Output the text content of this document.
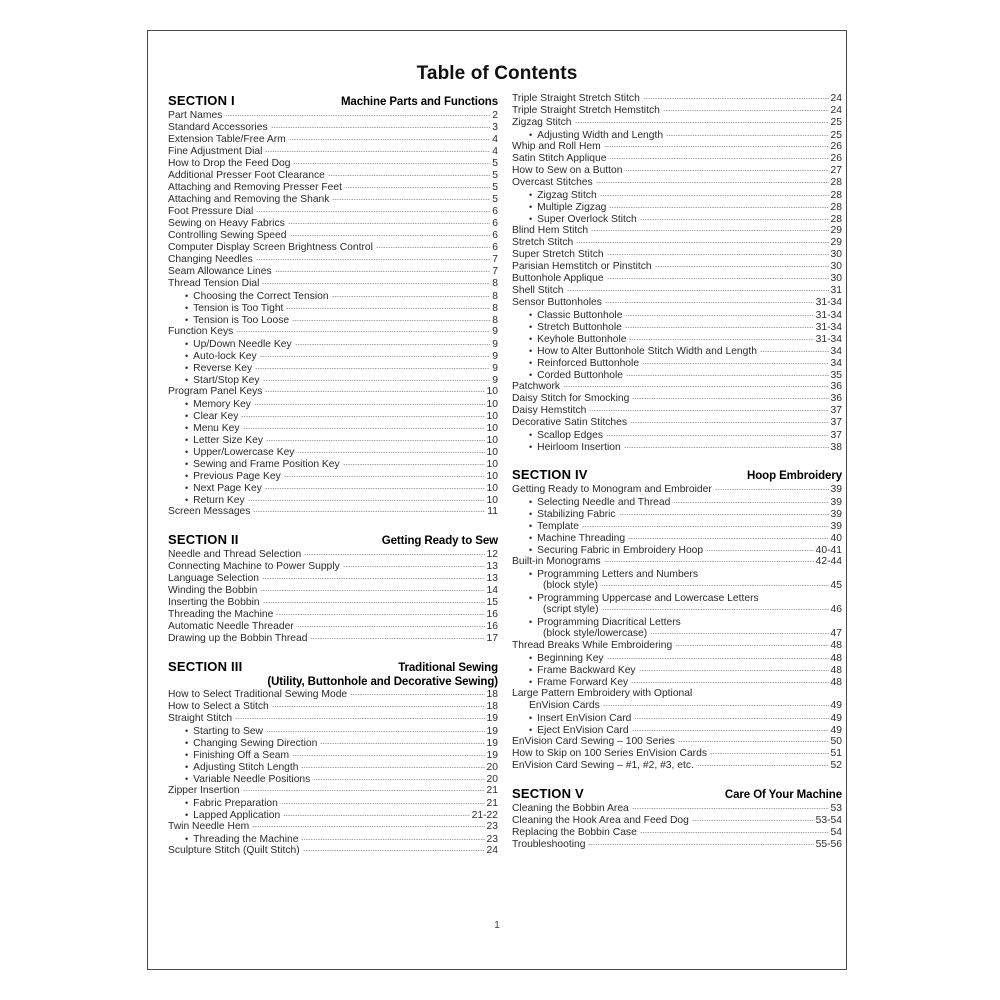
Table of Contents
SECTION I	Machine Parts and Functions
Part Names	2
Standard Accessories	3
Extension Table/Free Arm	4
Fine Adjustment Dial	4
How to Drop the Feed Dog	5
Additional Presser Foot Clearance	5
Attaching and Removing Presser Feet	5
Attaching and Removing the Shank	5
Foot Pressure Dial	6
Sewing on Heavy Fabrics	6
Controlling Sewing Speed	6
Computer Display Screen Brightness Control	6
Changing Needles	7
Seam Allowance Lines	7
Thread Tension Dial	8
• Choosing the Correct Tension	8
• Tension is Too Tight	8
• Tension is Too Loose	8
Function Keys	9
• Up/Down Needle Key	9
• Auto-lock Key	9
• Reverse Key	9
• Start/Stop Key	9
Program Panel Keys	10
• Memory Key	10
• Clear Key	10
• Menu Key	10
• Letter Size Key	10
• Upper/Lowercase Key	10
• Sewing and Frame Position Key	10
• Previous Page Key	10
• Next Page Key	10
• Return Key	10
Screen Messages	11
SECTION II	Getting Ready to Sew
Needle and Thread Selection	12
Connecting Machine to Power Supply	13
Language Selection	13
Winding the Bobbin	14
Inserting the Bobbin	15
Threading the Machine	16
Automatic Needle Threader	16
Drawing up the Bobbin Thread	17
SECTION III	Traditional Sewing
(Utility, Buttonhole and Decorative Sewing)
How to Select Traditional Sewing Mode	18
How to Select a Stitch	18
Straight Stitch	19
• Starting to Sew	19
• Changing Sewing Direction	19
• Finishing Off a Seam	19
• Adjusting Stitch Length	20
• Variable Needle Positions	20
Zipper Insertion	21
• Fabric Preparation	21
• Lapped Application	21-22
Twin Needle Hem	23
• Threading the Machine	23
Sculpture Stitch (Quilt Stitch)	24
Triple Straight Stretch Stitch	24
Triple Straight Stretch Hemstitch	24
Zigzag Stitch	25
• Adjusting Width and Length	25
Whip and Roll Hem	26
Satin Stitch Applique	26
How to Sew on a Button	27
Overcast Stitches	28
• Zigzag Stitch	28
• Multiple Zigzag	28
• Super Overlock Stitch	28
Blind Hem Stitch	29
Stretch Stitch	29
Super Stretch Stitch	30
Parisian Hemstitch or Pinstitch	30
Buttonhole Applique	30
Shell Stitch	31
Sensor Buttonholes	31-34
• Classic Buttonhole	31-34
• Stretch Buttonhole	31-34
• Keyhole Buttonhole	31-34
• How to Alter Buttonhole Stitch Width and Length	34
• Reinforced Buttonhole	34
• Corded Buttonhole	35
Patchwork	36
Daisy Stitch for Smocking	36
Daisy Hemstitch	37
Decorative Satin Stitches	37
• Scallop Edges	37
• Heirloom Insertion	38
SECTION IV	Hoop Embroidery
Getting Ready to Monogram and Embroider	39
• Selecting Needle and Thread	39
• Stabilizing Fabric	39
• Template	39
• Machine Threading	40
• Securing Fabric in Embroidery Hoop	40-41
Built-in Monograms	42-44
• Programming Letters and Numbers
(block style)	45
• Programming Uppercase and Lowercase Letters
(script style)	46
• Programming Diacritical Letters
(block style/lowercase)	47
Thread Breaks While Embroidering	48
• Beginning Key	48
• Frame Backward Key	48
• Frame Forward Key	48
Large Pattern Embroidery with Optional
EnVision Cards	49
• Insert EnVision Card	49
• Eject EnVision Card	49
EnVision Card Sewing – 100 Series	50
How to Skip on 100 Series EnVision Cards	51
EnVision Card Sewing – #1, #2, #3, etc.	52
SECTION V	Care Of Your Machine
Cleaning the Bobbin Area	53
Cleaning the Hook Area and Feed Dog	53-54
Replacing the Bobbin Case	54
Troubleshooting	55-56
1
